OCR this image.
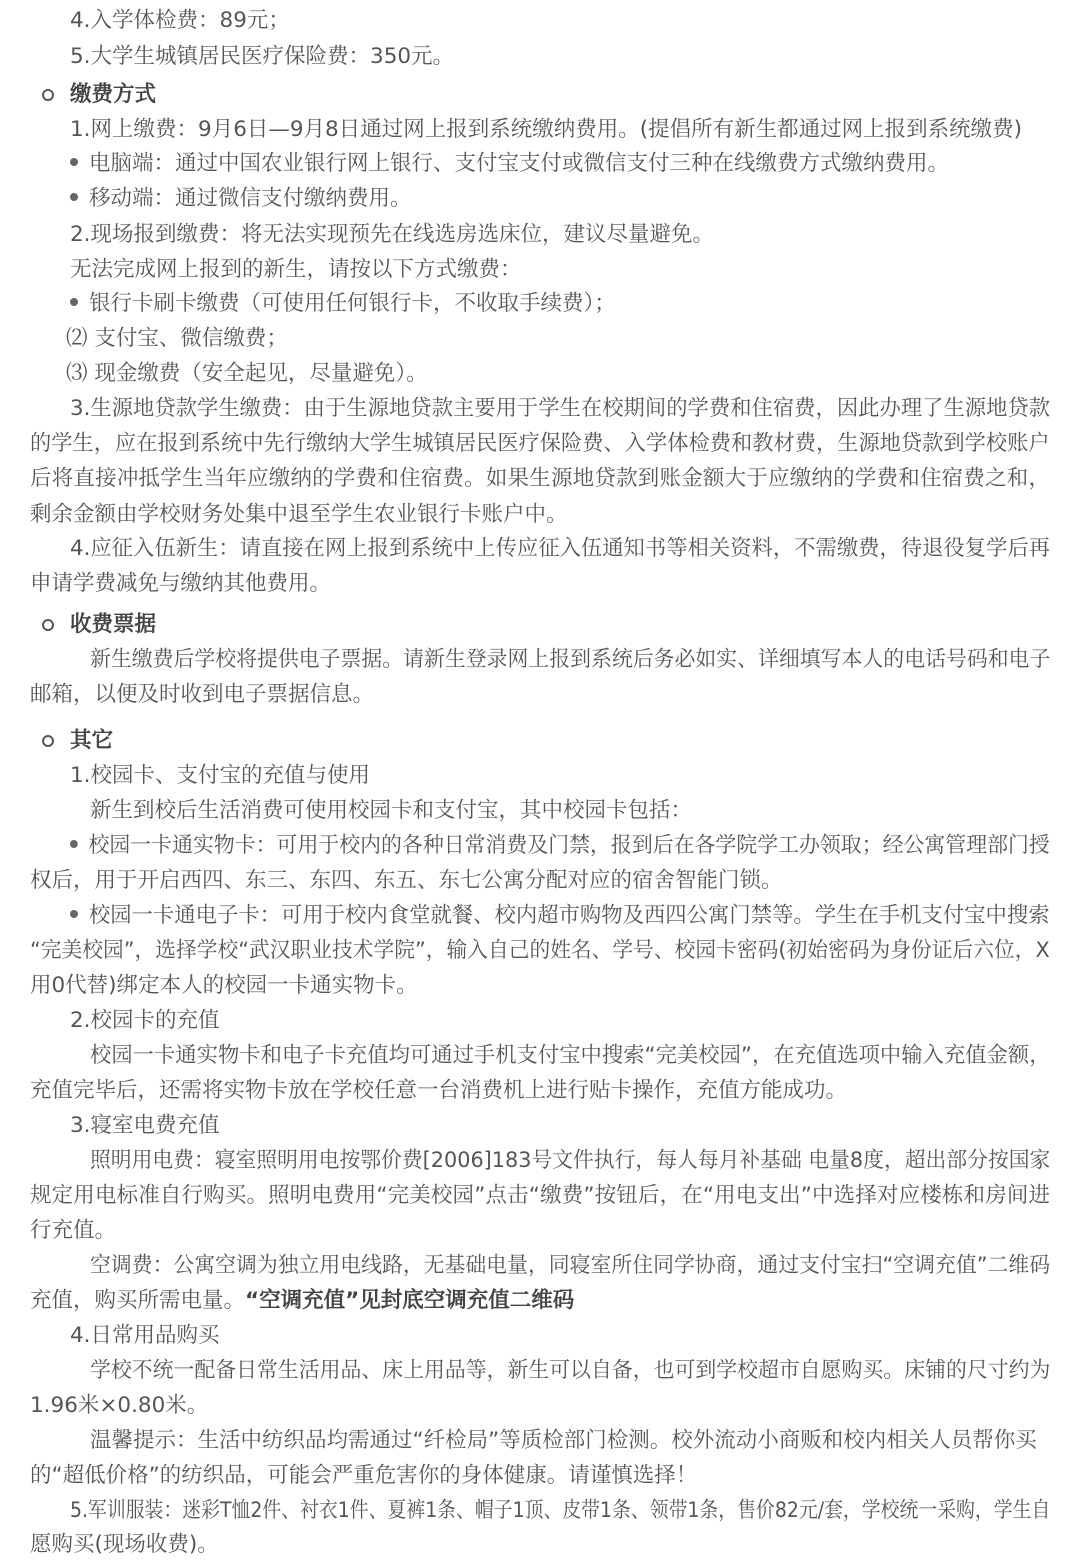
4.入学体检费：89元；
5.大学生城镇居民医疗保险费：350元。
缴费方式
1.网上缴费：9月6日—9月8日通过网上报到系统缴纳费用。(提倡所有新生都通过网上报到系统缴费)
电脑端：通过中国农业银行网上银行、支付宝支付或微信支付三种在线缴费方式缴纳费用。
移动端：通过微信支付缴纳费用。
2.现场报到缴费：将无法实现预先在线选房选床位，建议尽量避免。
无法完成网上报到的新生，请按以下方式缴费：
银行卡刷卡缴费（可使用任何银行卡，不收取手续费）；
⑵ 支付宝、微信缴费；
⑶ 现金缴费（安全起见，尽量避免）。
3.生源地贷款学生缴费：由于生源地贷款主要用于学生在校期间的学费和住宿费，因此办理了生源地贷款
的学生，应在报到系统中先行缴纳大学生城镇居民医疗保险费、入学体检费和教材费，生源地贷款到学校账户
后将直接冲抵学生当年应缴纳的学费和住宿费。如果生源地贷款到账金额大于应缴纳的学费和住宿费之和，
剩余金额由学校财务处集中退至学生农业银行卡账户中。
4.应征入伍新生：请直接在网上报到系统中上传应征入伍通知书等相关资料，不需缴费，待退役复学后再
申请学费减免与缴纳其他费用。
收费票据
新生缴费后学校将提供电子票据。请新生登录网上报到系统后务必如实、详细填写本人的电话号码和电子
邮箱，以便及时收到电子票据信息。
其它
1.校园卡、支付宝的充值与使用
新生到校后生活消费可使用校园卡和支付宝，其中校园卡包括：
校园一卡通实物卡：可用于校内的各种日常消费及门禁，报到后在各学院学工办领取；经公寓管理部门授
权后，用于开启西四、东三、东四、东五、东七公寓分配对应的宿舍智能门锁。
校园一卡通电子卡：可用于校内食堂就餐、校内超市购物及西四公寓门禁等。学生在手机支付宝中搜索
“完美校园”，选择学校“武汉职业技术学院”，输入自己的姓名、学号、校园卡密码(初始密码为身份证后六位，X
用0代替)绑定本人的校园一卡通实物卡。
2.校园卡的充值
校园一卡通实物卡和电子卡充值均可通过手机支付宝中搜索“完美校园”，在充值选项中输入充值金额，
充值完毕后，还需将实物卡放在学校任意一台消费机上进行贴卡操作，充值方能成功。
3.寝室电费充值
照明用电费：寝室照明用电按鄂价费[2006]183号文件执行，每人每月补基础 电量8度，超出部分按国家
规定用电标准自行购买。照明电费用“完美校园”点击“缴费”按钮后，在“用电支出”中选择对应楼栋和房间进
行充值。
空调费：公寓空调为独立用电线路，无基础电量，同寝室所住同学协商，通过支付宝扫“空调充值”二维码
充值，购买所需电量。“空调充值”见封底空调充值二维码
4.日常用品购买
学校不统一配备日常生活用品、床上用品等，新生可以自备，也可到学校超市自愿购买。床铺的尺寸约为
1.96米×0.80米。
温馨提示：生活中纺织品均需通过“纤检局”等质检部门检测。校外流动小商贩和校内相关人员帮你买
的“超低价格”的纺织品，可能会严重危害你的身体健康。请谨慎选择！
5.军训服装：迷彩T恤2件、衬衣1件、夏裤1条、帽子1顶、皮带1条、领带1条，售价82元/套，学校统一采购，学生自
愿购买(现场收费)。
